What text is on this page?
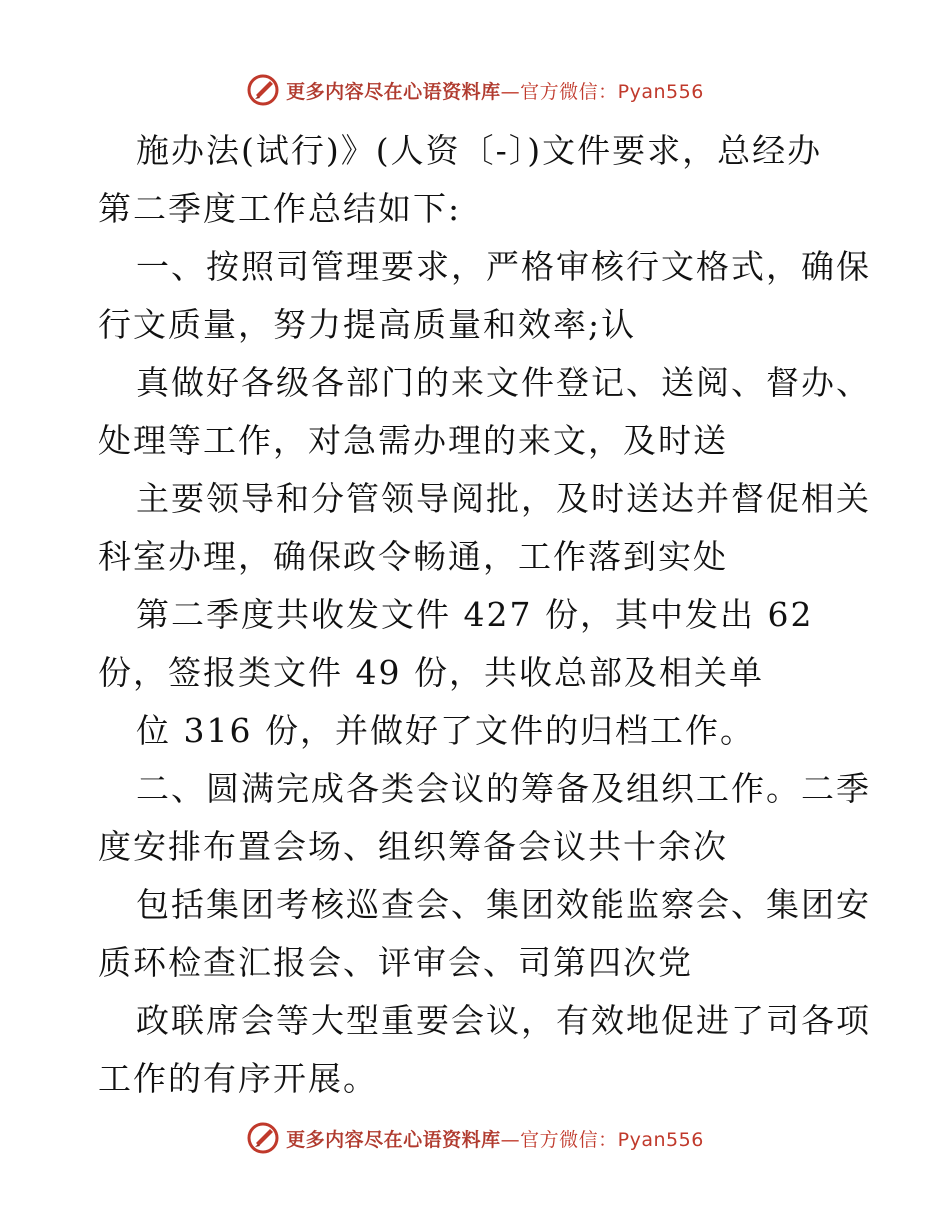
更多内容尽在心语资料库—官方微信：Pyan556
施办法(试行)》(人资〔-〕)文件要求，总经办
第二季度工作总结如下:
一、按照司管理要求，严格审核行文格式，确保
行文质量，努力提高质量和效率;认
真做好各级各部门的来文件登记、送阅、督办、
处理等工作，对急需办理的来文，及时送
主要领导和分管领导阅批，及时送达并督促相关
科室办理，确保政令畅通，工作落到实处
第二季度共收发文件 427 份，其中发出 62
份，签报类文件 49 份，共收总部及相关单
位 316 份，并做好了文件的归档工作。
二、圆满完成各类会议的筹备及组织工作。二季
度安排布置会场、组织筹备会议共十余次
包括集团考核巡查会、集团效能监察会、集团安
质环检查汇报会、评审会、司第四次党
政联席会等大型重要会议，有效地促进了司各项
工作的有序开展。
更多内容尽在心语资料库—官方微信：Pyan556
